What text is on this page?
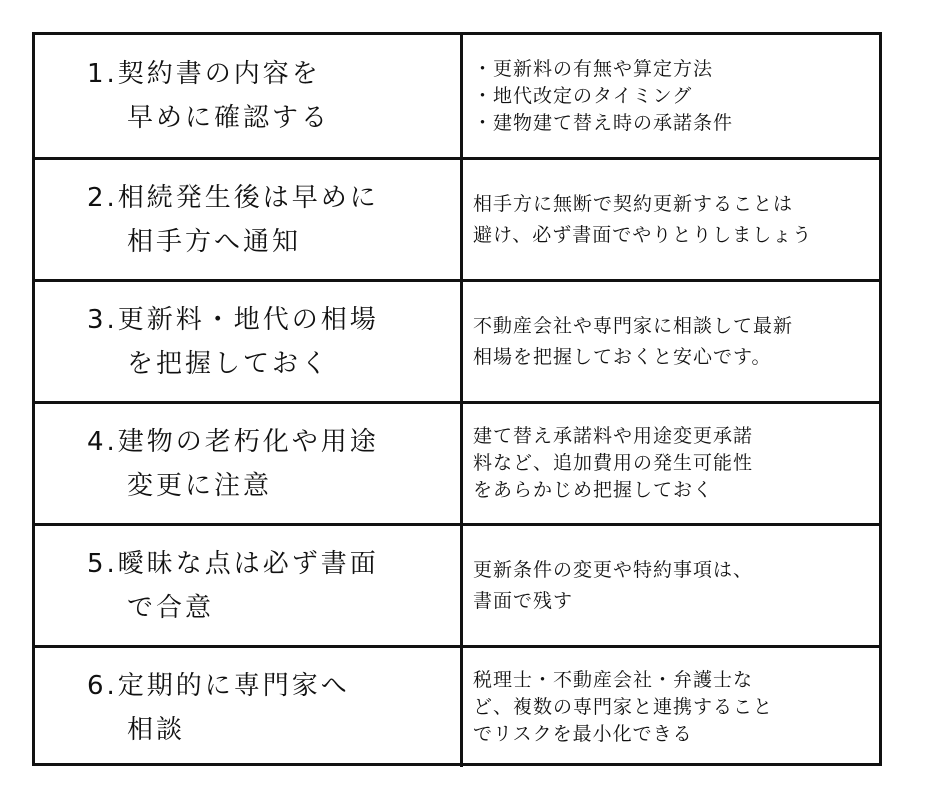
1.契約書の内容を
早めに確認する
・更新料の有無や算定方法
・地代改定のタイミング
・建物建て替え時の承諾条件
2.相続発生後は早めに
相手方へ通知
相手方に無断で契約更新することは
避け、必ず書面でやりとりしましょう
3.更新料・地代の相場
を把握しておく
不動産会社や専門家に相談して最新
相場を把握しておくと安心です。
4.建物の老朽化や用途
変更に注意
建て替え承諾料や用途変更承諾
料など、追加費用の発生可能性
をあらかじめ把握しておく
5.曖昧な点は必ず書面
で合意
更新条件の変更や特約事項は、
書面で残す
6.定期的に専門家へ
相談
税理士・不動産会社・弁護士な
ど、複数の専門家と連携すること
でリスクを最小化できる
